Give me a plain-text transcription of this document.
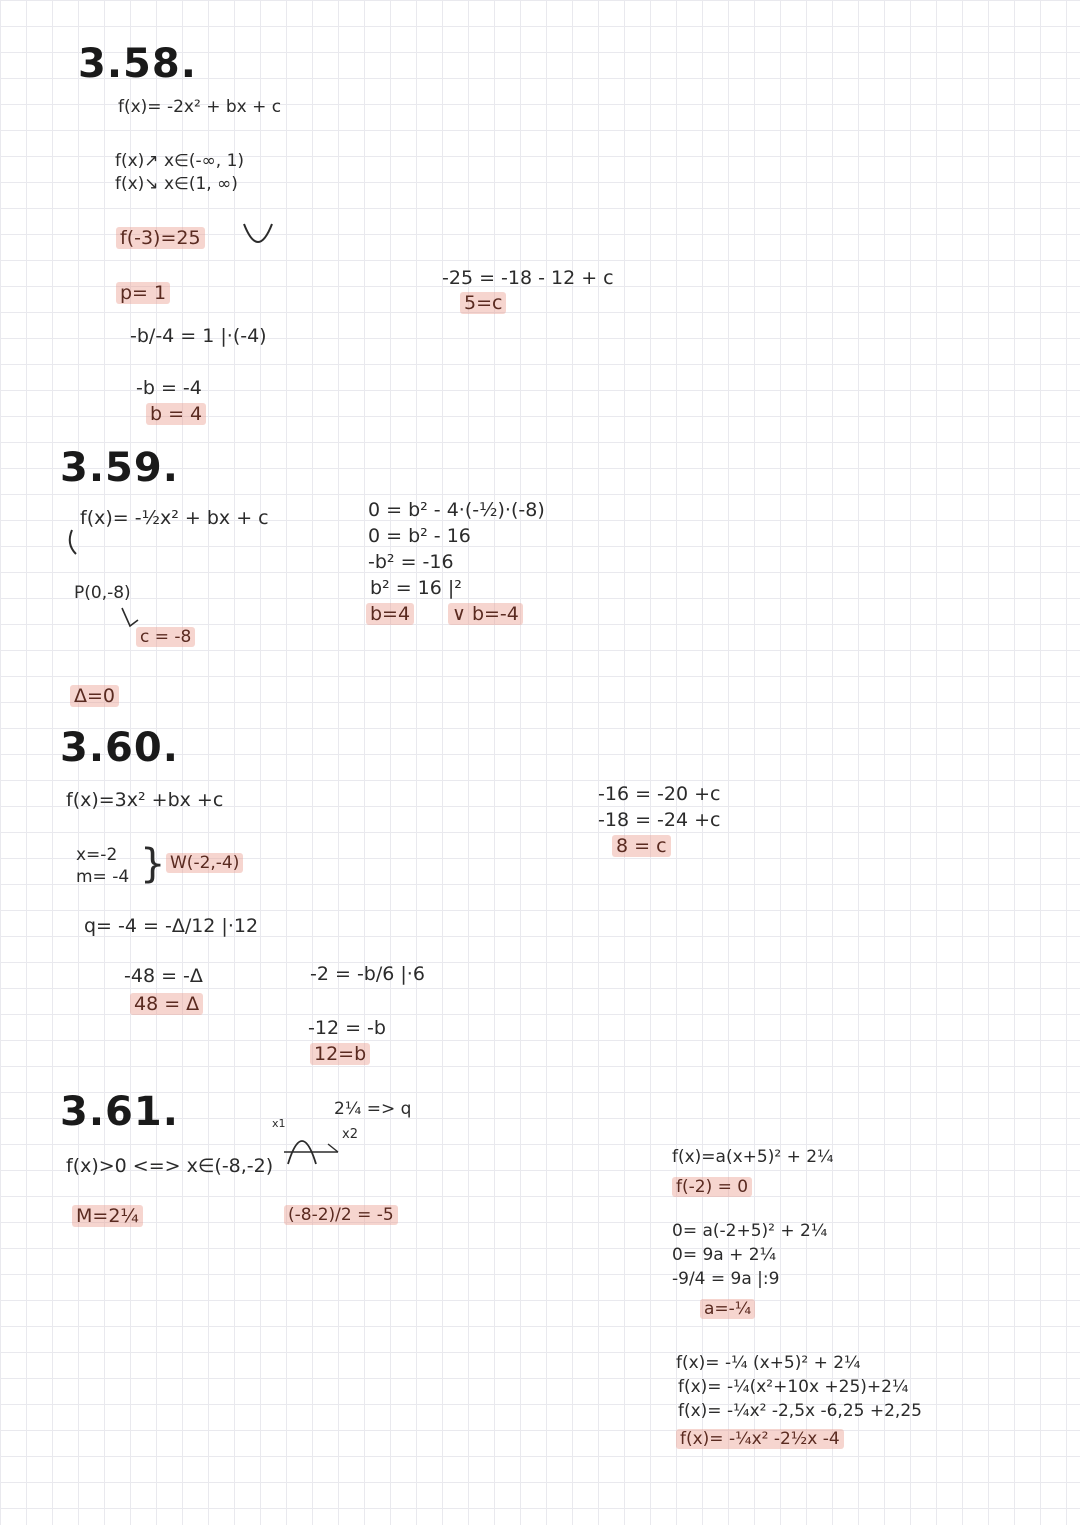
3.58.
f(x)= -2x² + bx + c
f(x)↗ x∈(-∞, 1)
f(x)↘ x∈(1, ∞)
f(-3)=25
p= 1
-b/-4 = 1 |·(-4)
-b = -4
b = 4
-25 = -18 - 12 + c
5=c
3.59.
f(x)= -½x² + bx + c
P(0,-8)
c = -8
Δ=0
0 = b² - 4·(-½)·(-8)
0 = b² - 16
-b² = -16
b² = 16 |²
b=4 ∨ b=-4
3.60.
f(x)=3x² +bx +c
x=-2
m= -4 } W(-2,-4)
q= -4 = -Δ/12 |·12
-48 = -Δ
48 = Δ
-2 = -b/6 |·6
-12 = -b
12=b
-16 = -20 +c
-18 = -24 +c
8 = c
3.61.
f(x)>0 <=> x∈(-8,-2)
M=2¼
2¼ => q
x1
x2
(-8-2)/2 = -5
f(x)=a(x+5)² + 2¼
f(-2) = 0
0= a(-2+5)² + 2¼
0= 9a + 2¼
-9/4 = 9a |:9
a=-¼
f(x)= -¼ (x+5)² + 2¼
f(x)= -¼(x²+10x +25)+2¼
f(x)= -¼x² -2,5x -6,25 +2,25
f(x)= -¼x² -2½x -4
